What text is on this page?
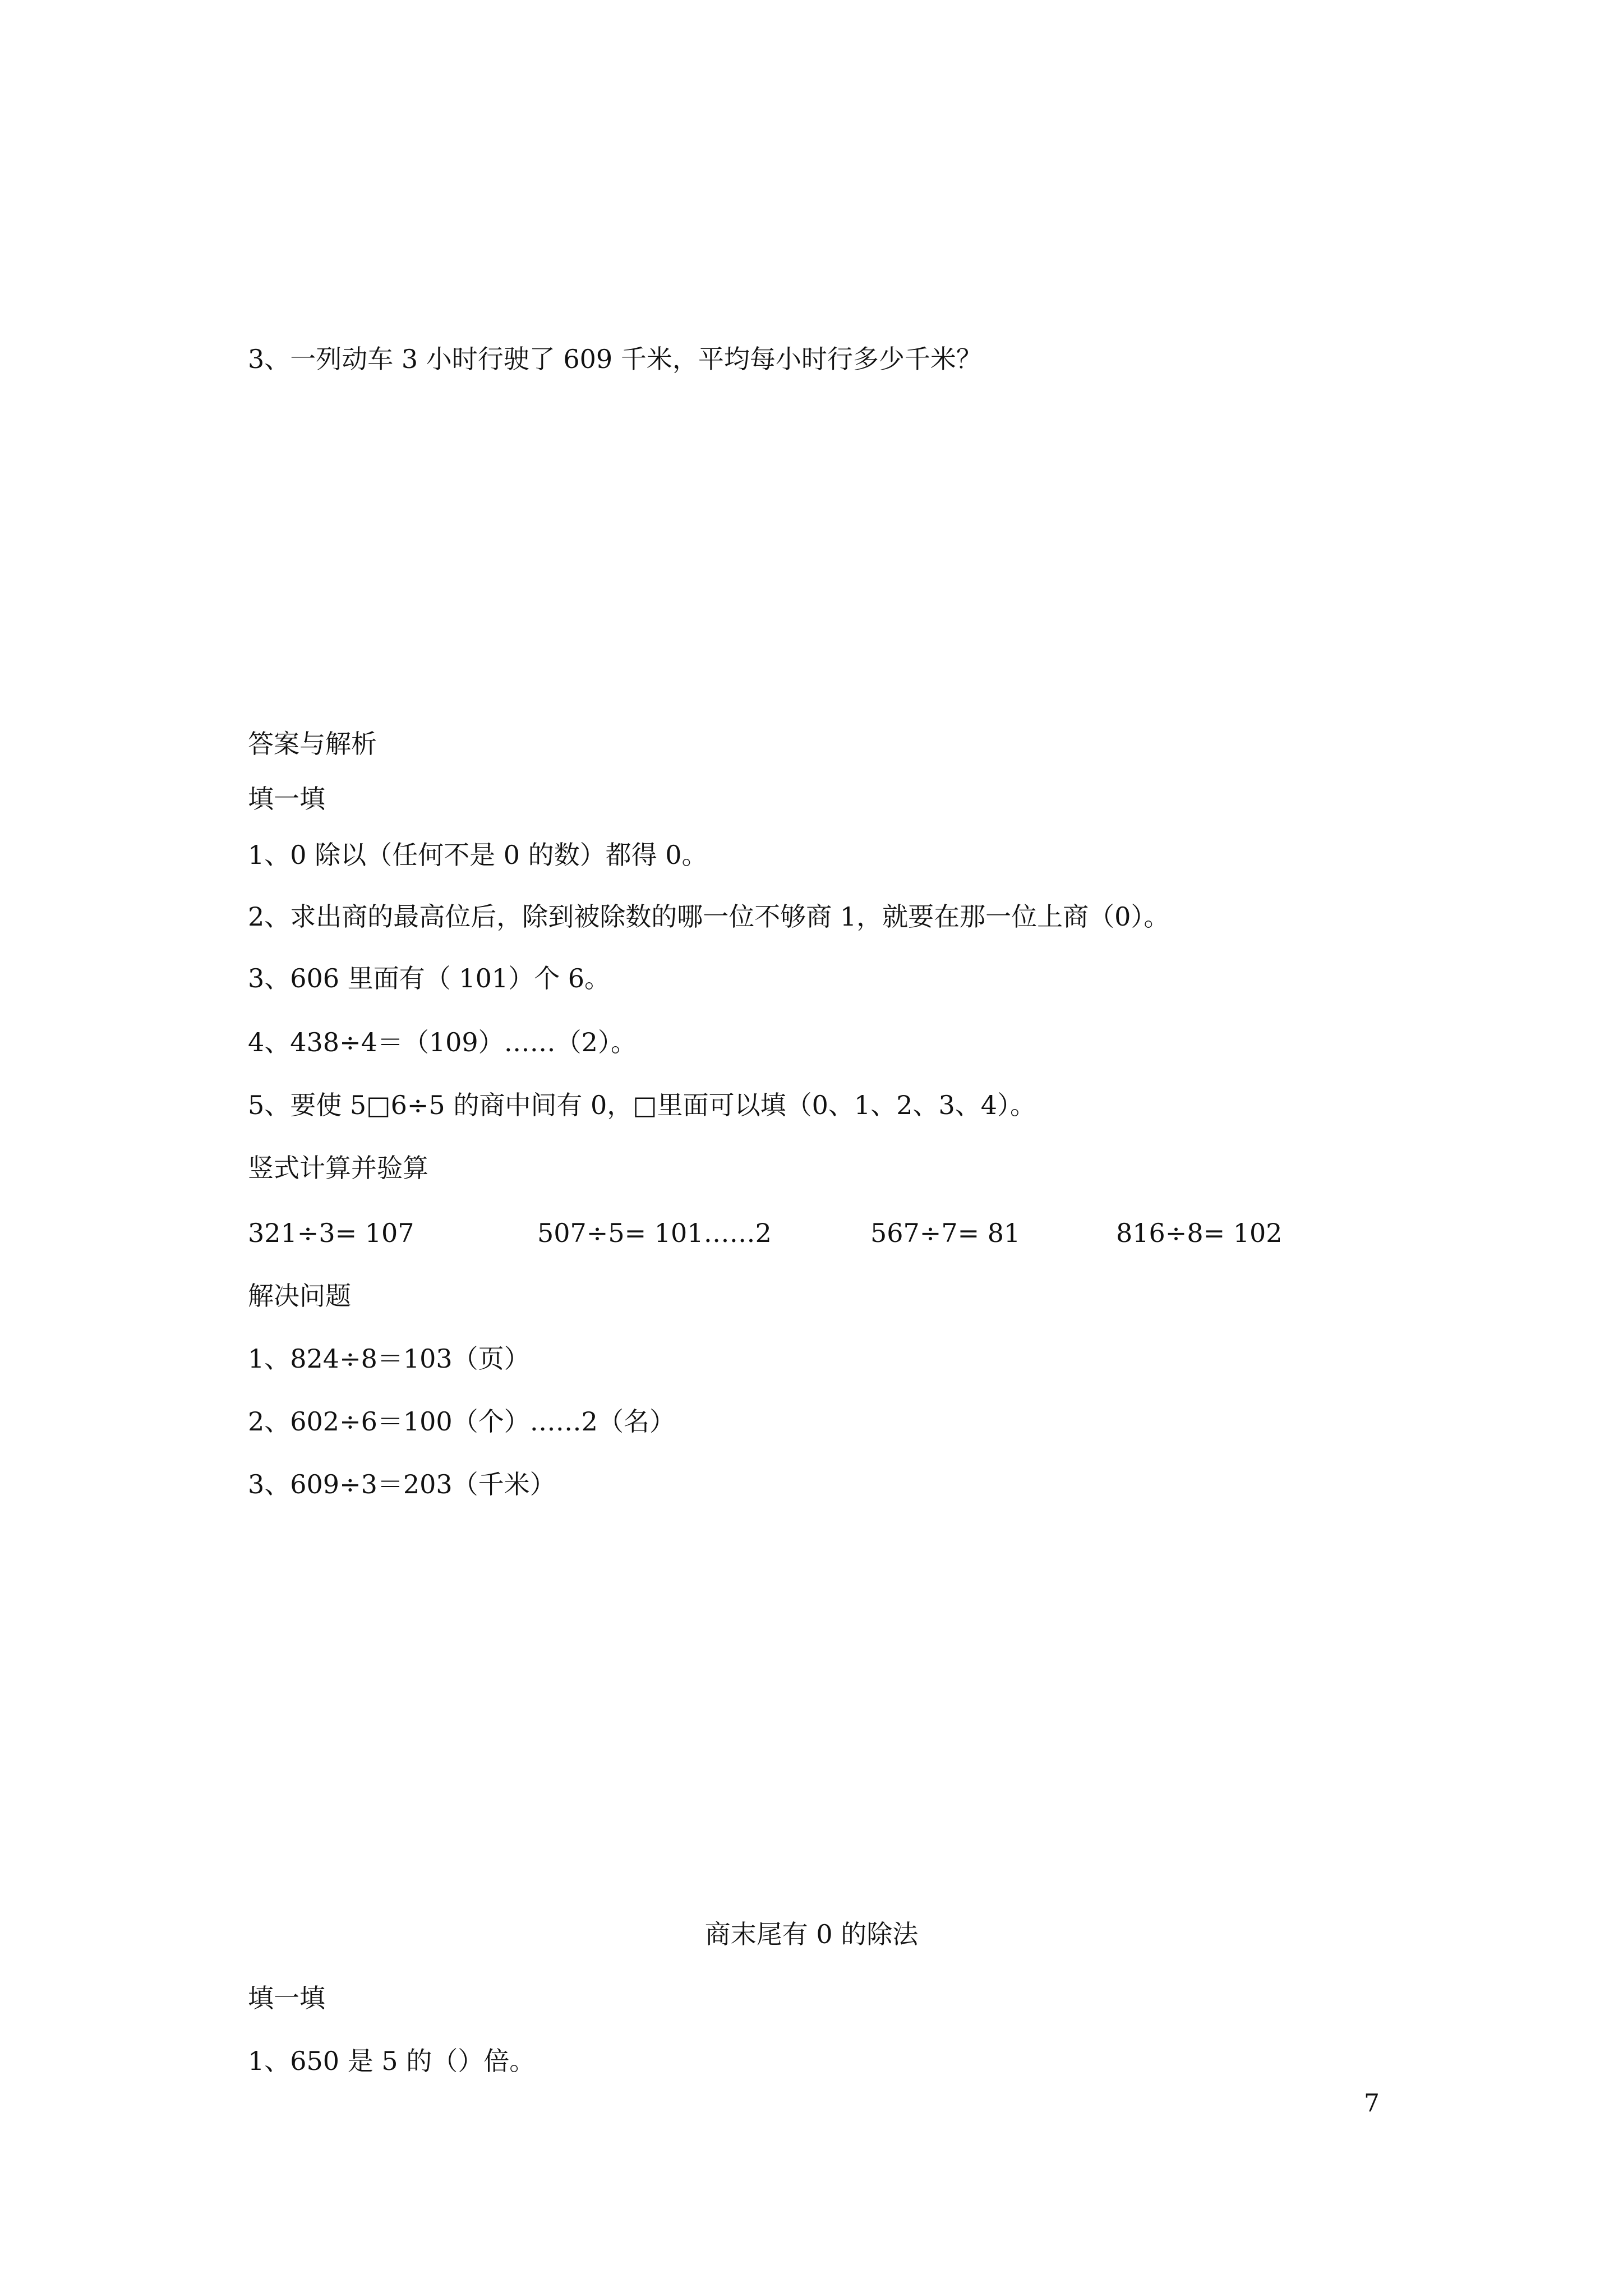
3、一列动车 3 小时行驶了 609 千米，平均每小时行多少千米？
答案与解析
填一填
1、0 除以（任何不是 0 的数）都得 0。
2、求出商的最高位后，除到被除数的哪一位不够商 1，就要在那一位上商（0）。
3、606 里面有（ 101）个 6。
4、438÷4＝（109）……（2）。
5、要使 5□6÷5 的商中间有 0，□里面可以填（0、1、2、3、4）。
竖式计算并验算
321÷3= 107	507÷5= 101……2	567÷7= 81	816÷8= 102
解决问题
1、824÷8＝103（页）
2、602÷6＝100（个）……2（名）
3、609÷3＝203（千米）
商末尾有 0 的除法
填一填
1、650 是 5 的（）倍。
7
